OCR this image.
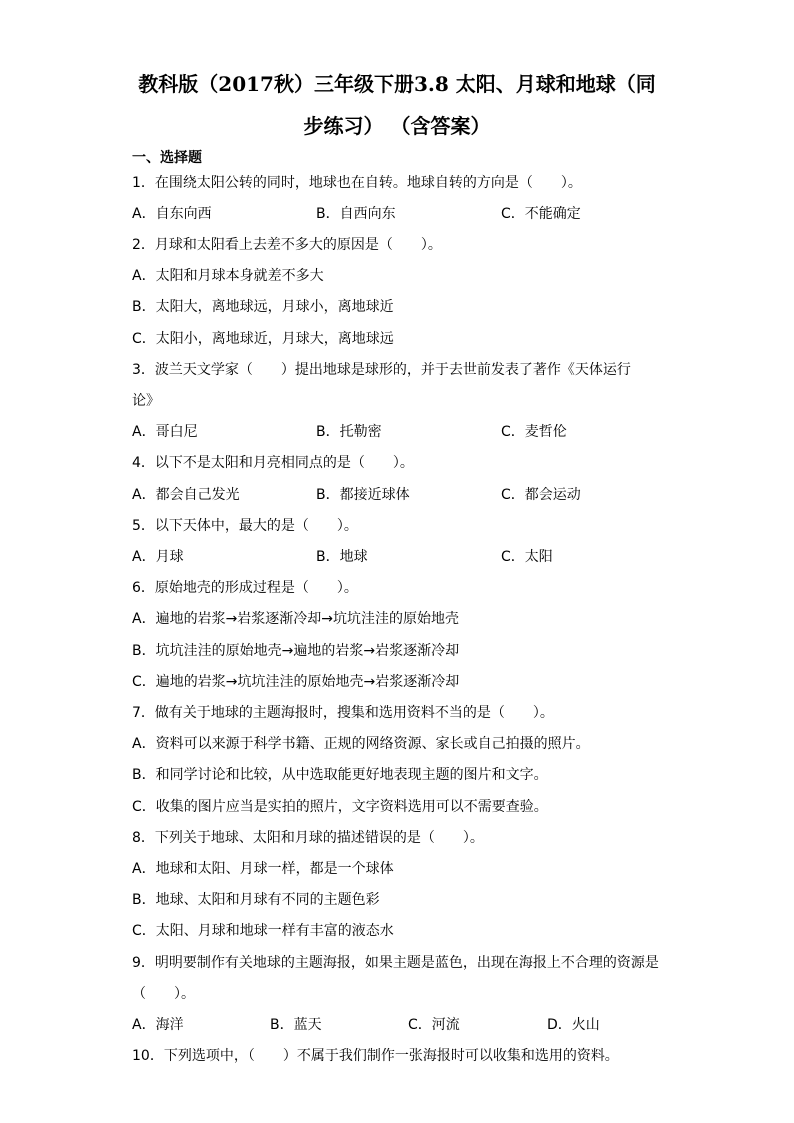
教科版（2017秋）三年级下册3.8 太阳、月球和地球（同
步练习） （含答案）
一、选择题
1．在围绕太阳公转的同时，地球也在自转。地球自转的方向是（　　）。
A．自东向西	B．自西向东	C．不能确定
2．月球和太阳看上去差不多大的原因是（　　）。
A．太阳和月球本身就差不多大
B．太阳大，离地球远，月球小，离地球近
C．太阳小，离地球近，月球大，离地球远
3．波兰天文学家（　　）提出地球是球形的，并于去世前发表了著作《天体运行
论》
A．哥白尼	B．托勒密	C．麦哲伦
4．以下不是太阳和月亮相同点的是（　　）。
A．都会自己发光	B．都接近球体	C．都会运动
5．以下天体中，最大的是（　　）。
A．月球	B．地球	C．太阳
6．原始地壳的形成过程是（　　）。
A．遍地的岩浆→岩浆逐渐冷却→坑坑洼洼的原始地壳
B．坑坑洼洼的原始地壳→遍地的岩浆→岩浆逐渐冷却
C．遍地的岩浆→坑坑洼洼的原始地壳→岩浆逐渐冷却
7．做有关于地球的主题海报时，搜集和选用资料不当的是（　　）。
A．资料可以来源于科学书籍、正规的网络资源、家长或自己拍摄的照片。
B．和同学讨论和比较，从中选取能更好地表现主题的图片和文字。
C．收集的图片应当是实拍的照片，文字资料选用可以不需要查验。
8．下列关于地球、太阳和月球的描述错误的是（　　）。
A．地球和太阳、月球一样，都是一个球体
B．地球、太阳和月球有不同的主题色彩
C．太阳、月球和地球一样有丰富的液态水
9．明明要制作有关地球的主题海报，如果主题是蓝色，出现在海报上不合理的资源是
（　　）。
A．海洋	B．蓝天	C．河流	D．火山
10．下列选项中，（　　）不属于我们制作一张海报时可以收集和选用的资料。
